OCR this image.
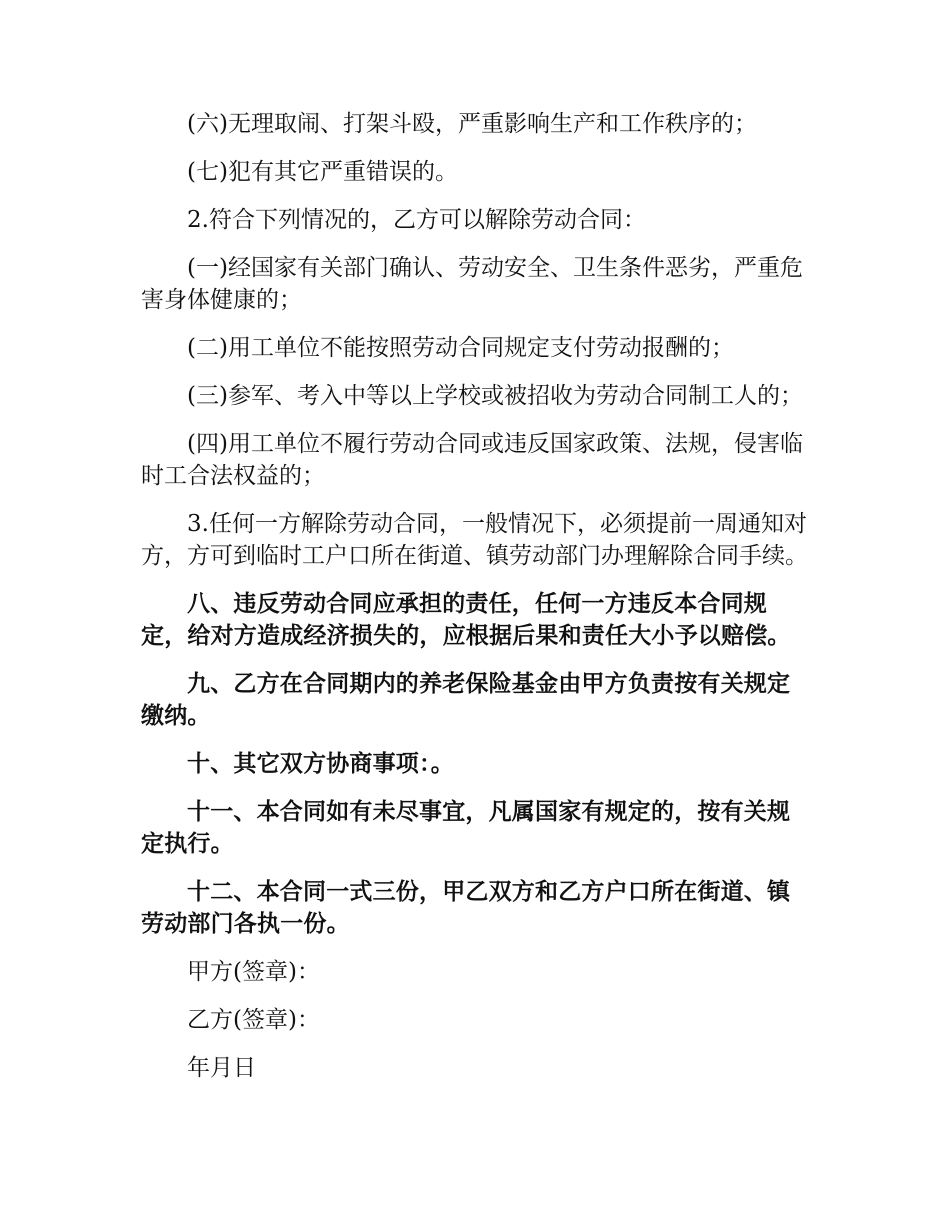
(六)无理取闹、打架斗殴，严重影响生产和工作秩序的；

(七)犯有其它严重错误的。

2.符合下列情况的，乙方可以解除劳动合同：

(一)经国家有关部门确认、劳动安全、卫生条件恶劣，严重危害身体健康的；

(二)用工单位不能按照劳动合同规定支付劳动报酬的；

(三)参军、考入中等以上学校或被招收为劳动合同制工人的；

(四)用工单位不履行劳动合同或违反国家政策、法规，侵害临时工合法权益的；

3.任何一方解除劳动合同，一般情况下，必须提前一周通知对方，方可到临时工户口所在街道、镇劳动部门办理解除合同手续。

八、违反劳动合同应承担的责任，任何一方违反本合同规定，给对方造成经济损失的，应根据后果和责任大小予以赔偿。

九、乙方在合同期内的养老保险基金由甲方负责按有关规定缴纳。

十、其它双方协商事项：。

十一、本合同如有未尽事宜，凡属国家有规定的，按有关规定执行。

十二、本合同一式三份，甲乙双方和乙方户口所在街道、镇劳动部门各执一份。

甲方(签章)：

乙方(签章)：

年月日
